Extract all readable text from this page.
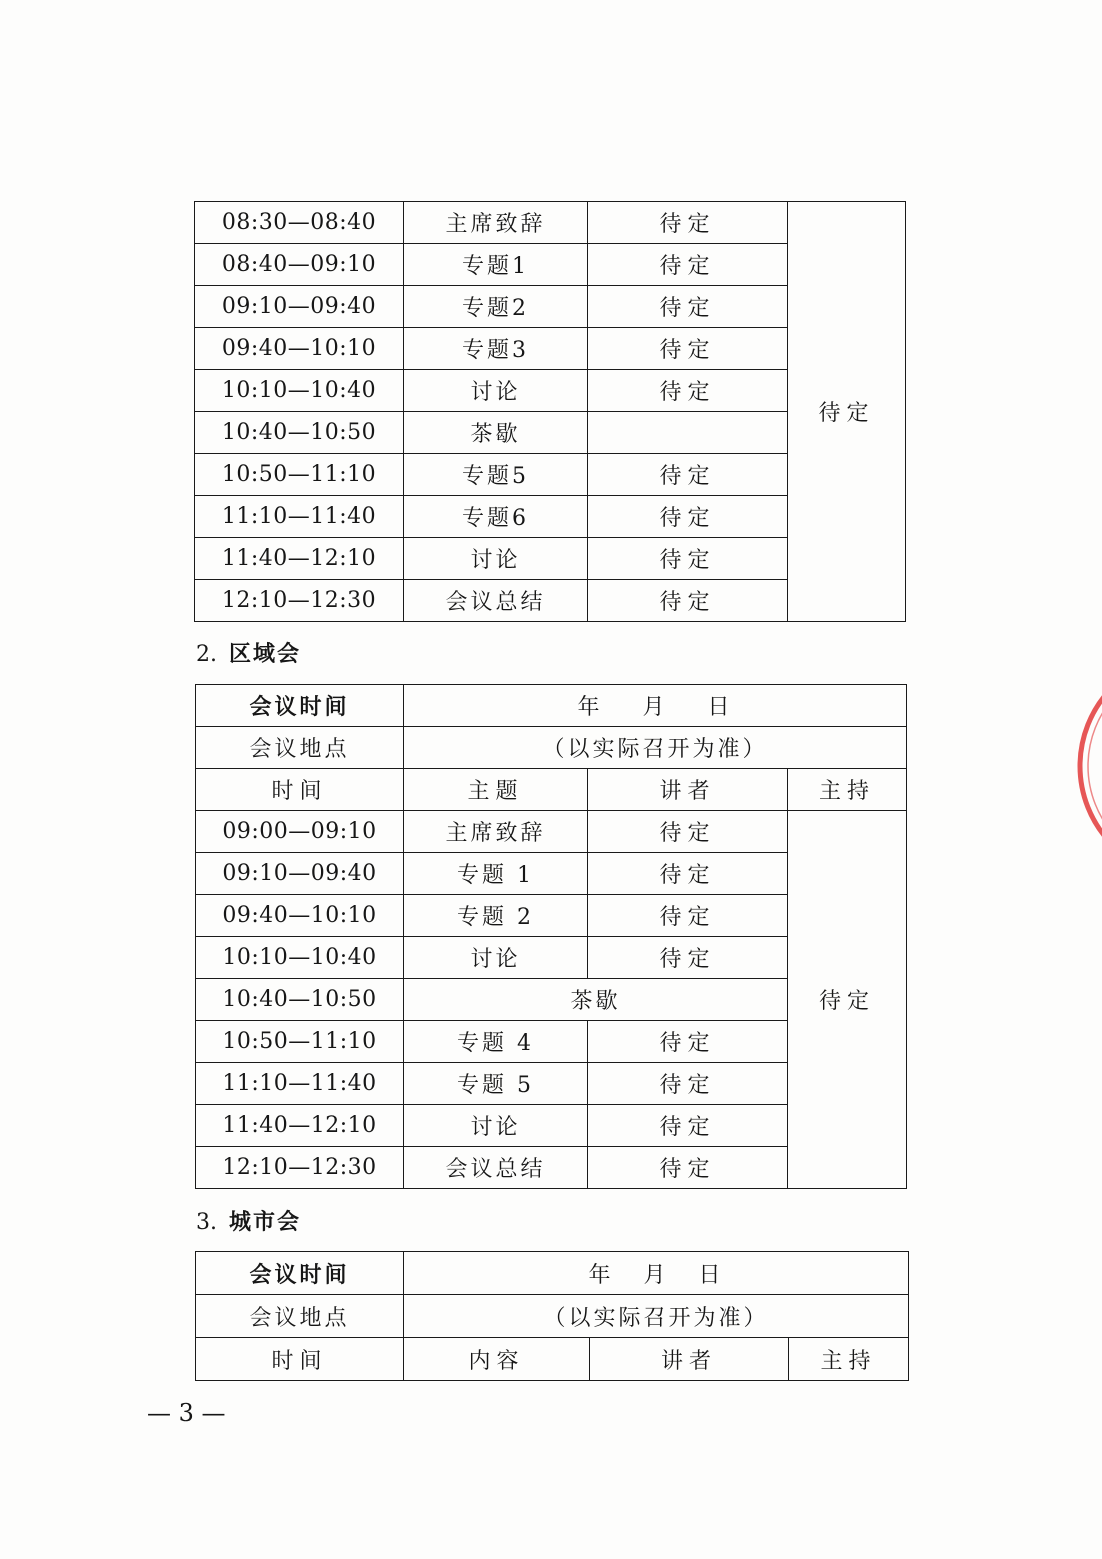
08:30—08:40	主席致辞	待定	待定
08:40—09:10	专题1	待定	
09:10—09:40	专题2	待定	
09:40—10:10	专题3	待定	
10:10—10:40	讨论	待定	
10:40—10:50	茶歇		
10:50—11:10	专题5	待定	
11:10—11:40	专题6	待定	
11:40—12:10	讨论	待定	
12:10—12:30	会议总结	待定	
2. 区域会
会议时间	年    月    日		
会议地点	（以实际召开为准）		
时间	主题	讲者	主持
09:00—09:10	主席致辞	待定	待定
09:10—09:40	专题 1	待定	
09:40—10:10	专题 2	待定	
10:10—10:40	讨论	待定	
10:40—10:50	茶歇		
10:50—11:10	专题 4	待定	
11:10—11:40	专题 5	待定	
11:40—12:10	讨论	待定	
12:10—12:30	会议总结	待定	
3. 城市会
会议时间	年   月   日		
会议地点	（以实际召开为准）		
时间	内容	讲者	主持
— 3 —
